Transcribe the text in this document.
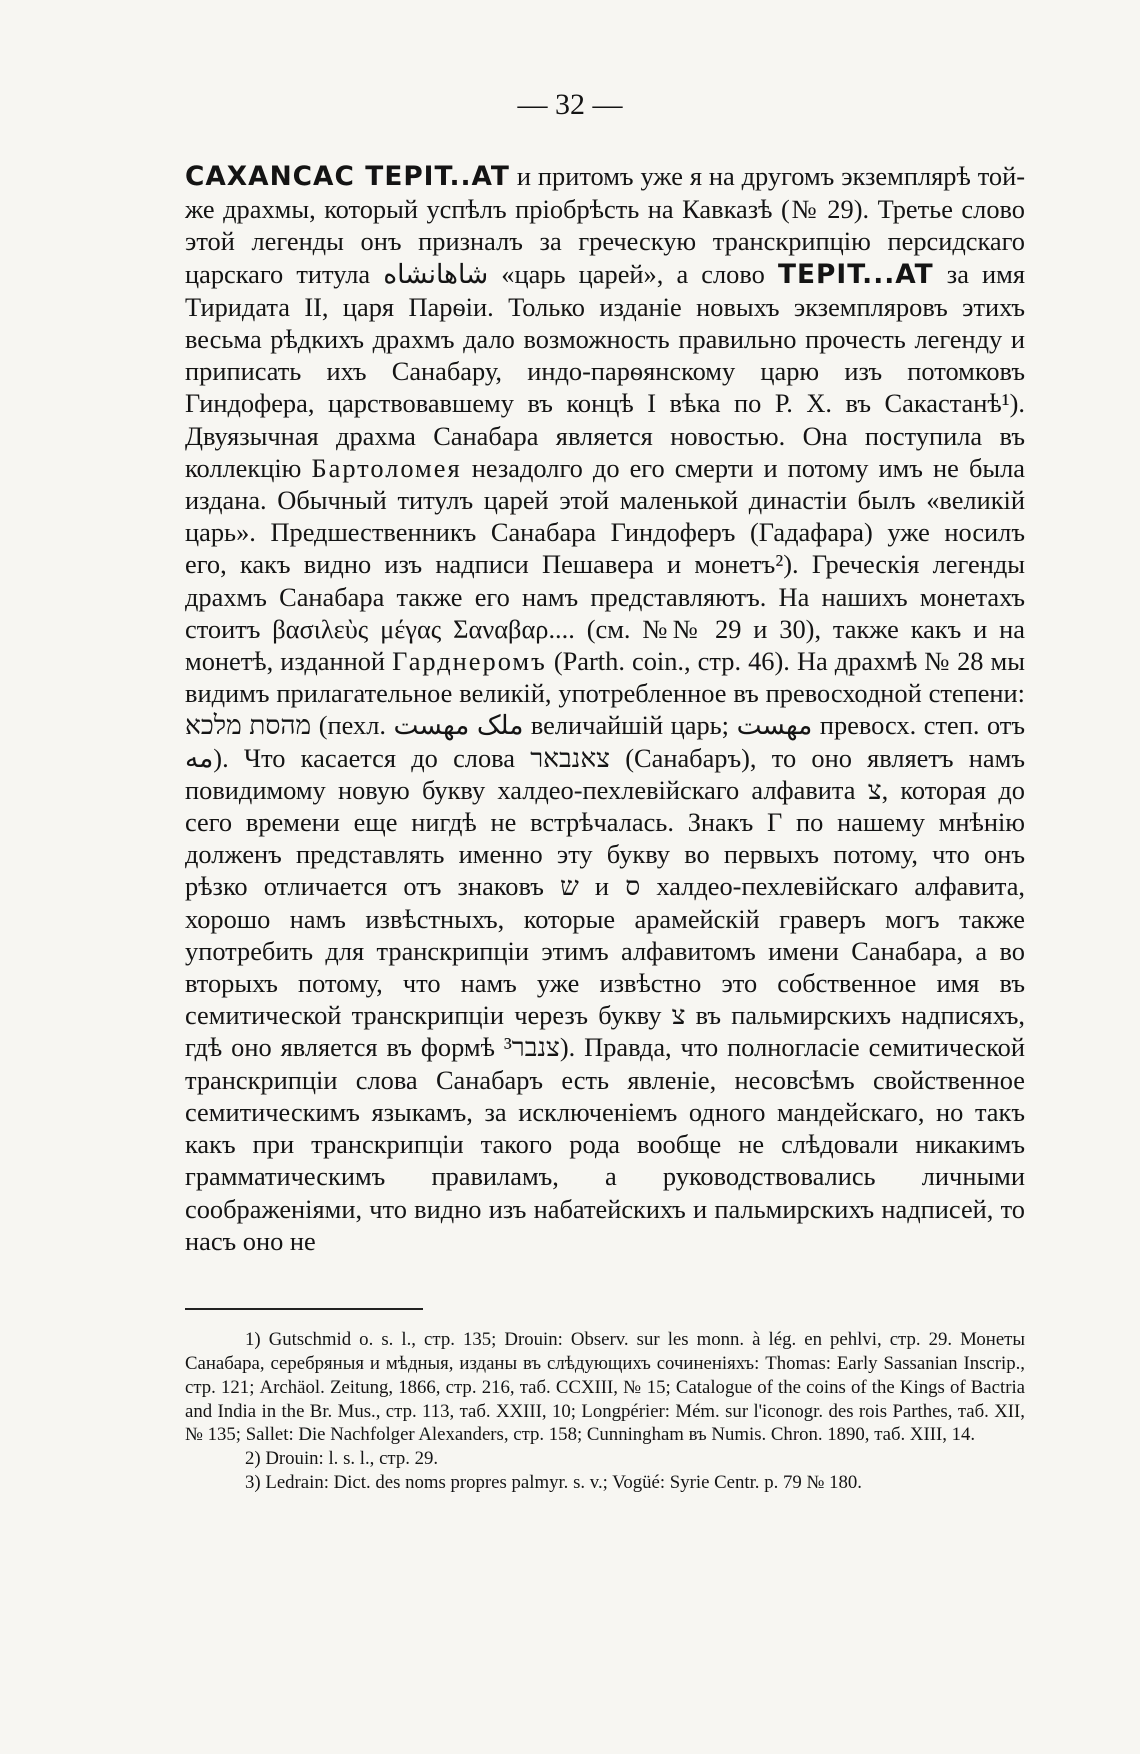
— 32 —

CAXANCAC TEPIT..AT и притомъ уже я на другомъ экземплярѣ той-же драхмы, который успѣлъ пріобрѣсть на Кавказѣ (№ 29). Третье слово этой легенды онъ призналъ за греческую транскрипцію персидскаго царскаго титула شاهانشاه «царь царей», а слово TEPIT...AT за имя Тиридата II, царя Парѳіи. Только изданіе новыхъ экземпляровъ этихъ весьма рѣдкихъ драхмъ дало возможность правильно прочесть легенду и приписать ихъ Санабару, индо-парѳянскому царю изъ потомковъ Гиндофера, царствовавшему въ концѣ I вѣка по Р. Х. въ Сакастанѣ¹). Двуязычная драхма Санабара является новостью. Она поступила въ коллекцію Бартоломея незадолго до его смерти и потому имъ не была издана. Обычный титулъ царей этой маленькой династіи былъ «великій царь». Предшественникъ Санабара Гиндоферъ (Гадафара) уже носилъ его, какъ видно изъ надписи Пешавера и монетъ²). Греческія легенды драхмъ Санабара также его намъ представляютъ. На нашихъ монетахъ стоитъ βασιλεὺς μέγας Σαναβαρ.... (см. №№ 29 и 30), также какъ и на монетѣ, изданной Гарднеромъ (Parth. coin., стр. 46). На драхмѣ № 28 мы видимъ прилагательное великій, употребленное въ превосходной степени: מהסת מלכא (пехл. ملک مهست величайшій царь; مهست превосх. степ. отъ مه). Что касается до слова צאנבאר (Санабаръ), то оно являетъ намъ повидимому новую букву халдео-пехлевійскаго алфавита צ, которая до сего времени еще нигдѣ не встрѣчалась. Знакъ Г по нашему мнѣнію долженъ представлять именно эту букву во первыхъ потому, что онъ рѣзко отличается отъ знаковъ ש и ס халдео-пехлевійскаго алфавита, хорошо намъ извѣстныхъ, которые арамейскій граверъ могъ также употребить для транскрипціи этимъ алфавитомъ имени Санабара, а во вторыхъ потому, что намъ уже извѣстно это собственное имя въ семитической транскрипціи черезъ букву צ въ пальмирскихъ надписяхъ, гдѣ оно является въ формѣ צנבר³). Правда, что полногласіе семитической транскрипціи слова Санабаръ есть явленіе, несовсѣмъ свойственное семитическимъ языкамъ, за исключеніемъ одного мандейскаго, но такъ какъ при транскрипціи такого рода вообще не слѣдовали никакимъ грамматическимъ правиламъ, а руководствовались личными соображеніями, что видно изъ набатейскихъ и пальмирскихъ надписей, то насъ оно не

1) Gutschmid o. s. l., стр. 135; Drouin: Observ. sur les monn. à lég. en pehlvi, стр. 29. Монеты Санабара, серебряныя и мѣдныя, изданы въ слѣдующихъ сочиненіяхъ: Thomas: Early Sassanian Inscrip., стр. 121; Archäol. Zeitung, 1866, стр. 216, таб. CCXIII, № 15; Catalogue of the coins of the Kings of Bactria and India in the Br. Mus., стр. 113, таб. XXIII, 10; Longpérier: Mém. sur l'iconogr. des rois Parthes, таб. XII, № 135; Sallet: Die Nachfolger Alexanders, стр. 158; Cunningham въ Numis. Chron. 1890, таб. XIII, 14.

2) Drouin: l. s. l., стр. 29.

3) Ledrain: Dict. des noms propres palmyr. s. v.; Vogüé: Syrie Centr. p. 79 № 180.
